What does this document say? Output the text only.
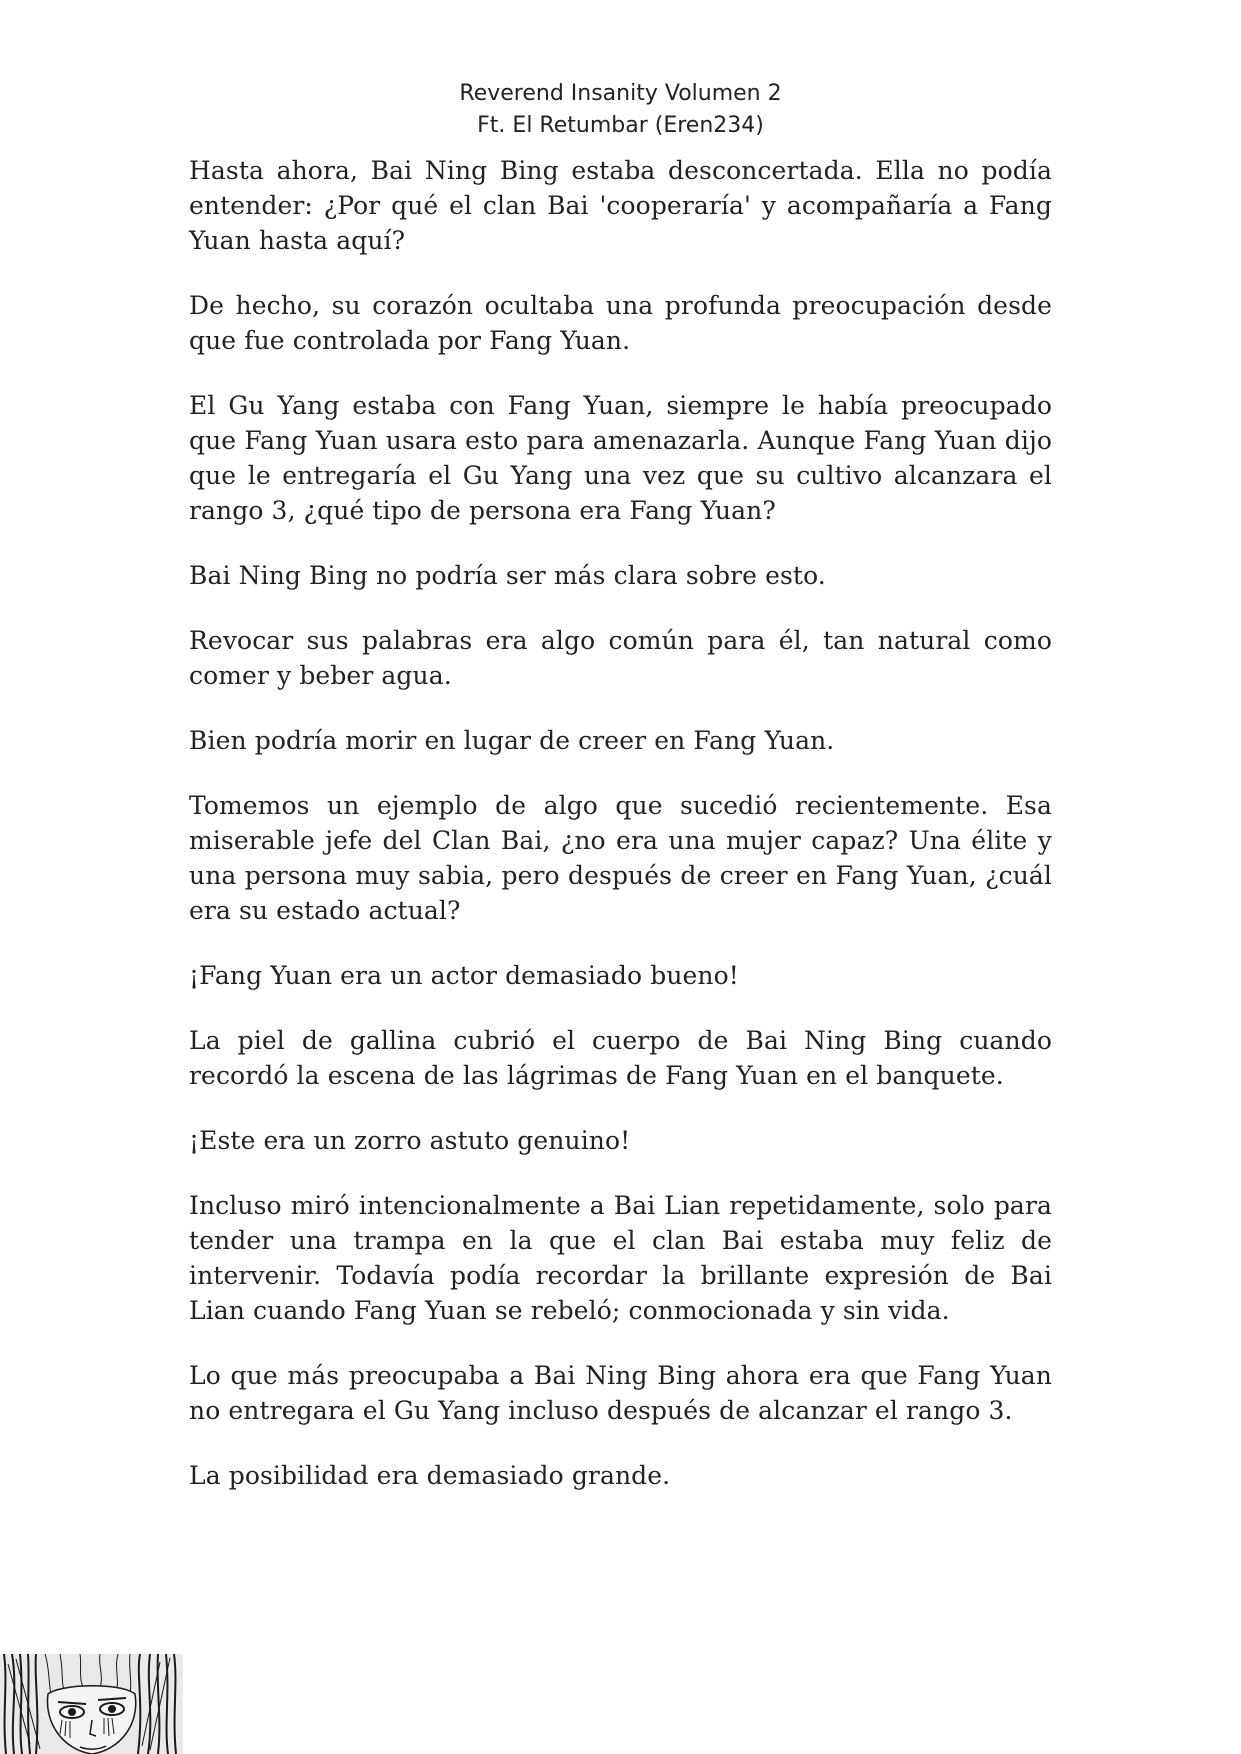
Reverend Insanity Volumen 2
Ft. El Retumbar (Eren234)

Hasta ahora, Bai Ning Bing estaba desconcertada. Ella no podía entender: ¿Por qué el clan Bai 'cooperaría' y acompañaría a Fang Yuan hasta aquí?

De hecho, su corazón ocultaba una profunda preocupación desde que fue controlada por Fang Yuan.

El Gu Yang estaba con Fang Yuan, siempre le había preocupado que Fang Yuan usara esto para amenazarla. Aunque Fang Yuan dijo que le entregaría el Gu Yang una vez que su cultivo alcanzara el rango 3, ¿qué tipo de persona era Fang Yuan?

Bai Ning Bing no podría ser más clara sobre esto.

Revocar sus palabras era algo común para él, tan natural como comer y beber agua.

Bien podría morir en lugar de creer en Fang Yuan.

Tomemos un ejemplo de algo que sucedió recientemente. Esa miserable jefe del Clan Bai, ¿no era una mujer capaz? Una élite y una persona muy sabia, pero después de creer en Fang Yuan, ¿cuál era su estado actual?

¡Fang Yuan era un actor demasiado bueno!

La piel de gallina cubrió el cuerpo de Bai Ning Bing cuando recordó la escena de las lágrimas de Fang Yuan en el banquete.

¡Este era un zorro astuto genuino!

Incluso miró intencionalmente a Bai Lian repetidamente, solo para tender una trampa en la que el clan Bai estaba muy feliz de intervenir. Todavía podía recordar la brillante expresión de Bai Lian cuando Fang Yuan se rebeló; conmocionada y sin vida.

Lo que más preocupaba a Bai Ning Bing ahora era que Fang Yuan no entregara el Gu Yang incluso después de alcanzar el rango 3.

La posibilidad era demasiado grande.
